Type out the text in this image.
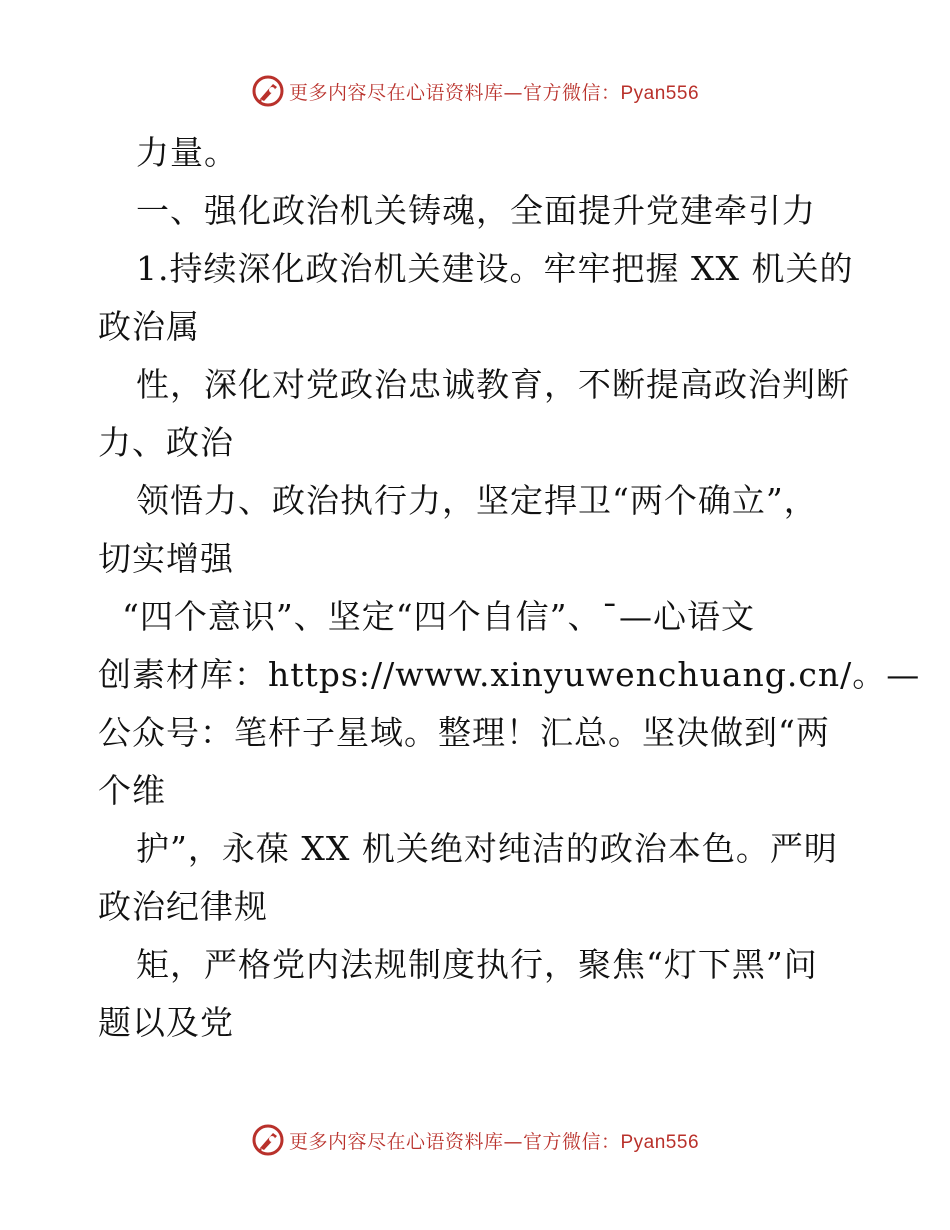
更多内容尽在心语资料库—官方微信：Pyan556
力量。
一、强化政治机关铸魂，全面提升党建牵引力
1.持续深化政治机关建设。牢牢把握 XX 机关的
政治属
性，深化对党政治忠诚教育，不断提高政治判断
力、政治
领悟力、政治执行力，坚定捍卫“两个确立”，
切实增强
“四个意识”、坚定“四个自信”、¯—心语文
创素材库：https://www.xinyuwenchuang.cn/。—
公众号：笔杆子星域。整理！汇总。坚决做到“两
个维
护”，永葆 XX 机关绝对纯洁的政治本色。严明
政治纪律规
矩，严格党内法规制度执行，聚焦“灯下黑”问
题以及党
更多内容尽在心语资料库—官方微信：Pyan556
